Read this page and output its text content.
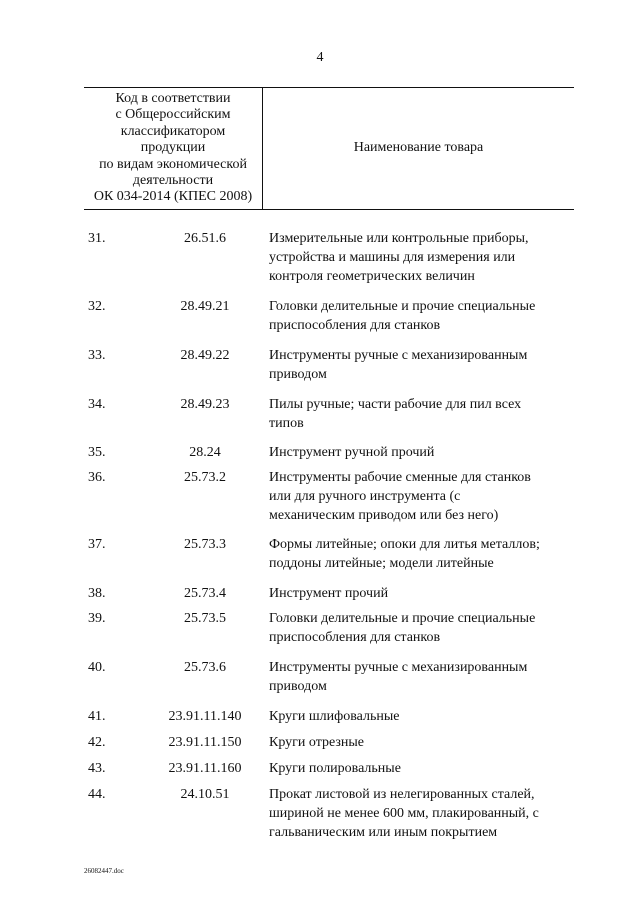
4
Код в соответствии
с Общероссийским
классификатором
продукции
по видам экономической
деятельности
ОК 034-2014 (КПЕС 2008)
Наименование товара
31.	26.51.6	Измерительные или контрольные приборы,
устройства и машины для измерения или
контроля геометрических величин
32.	28.49.21	Головки делительные и прочие специальные
приспособления для станков
33.	28.49.22	Инструменты ручные с механизированным
приводом
34.	28.49.23	Пилы ручные; части рабочие для пил всех
типов
35.	28.24	Инструмент ручной прочий
36.	25.73.2	Инструменты рабочие сменные для станков
или для ручного инструмента (с
механическим приводом или без него)
37.	25.73.3	Формы литейные; опоки для литья металлов;
поддоны литейные; модели литейные
38.	25.73.4	Инструмент прочий
39.	25.73.5	Головки делительные и прочие специальные
приспособления для станков
40.	25.73.6	Инструменты ручные с механизированным
приводом
41.	23.91.11.140	Круги шлифовальные
42.	23.91.11.150	Круги отрезные
43.	23.91.11.160	Круги полировальные
44.	24.10.51	Прокат листовой из нелегированных сталей,
шириной не менее 600 мм, плакированный, с
гальваническим или иным покрытием
26082447.doc
